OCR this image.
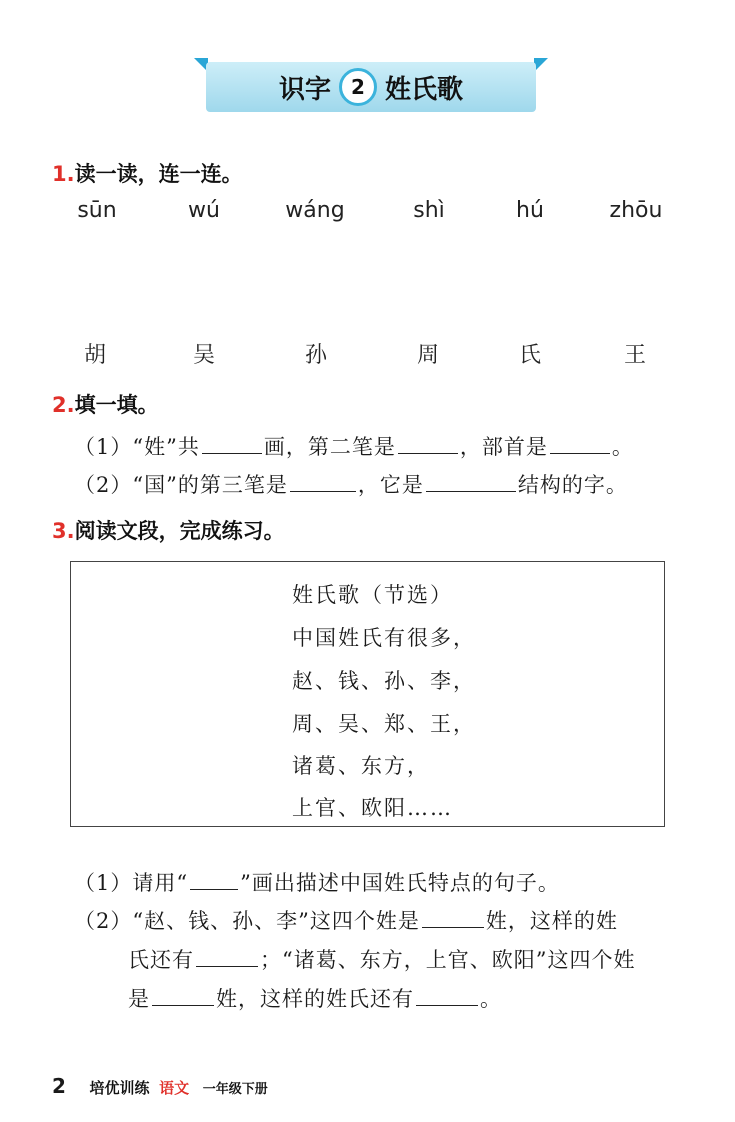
识字	2 姓氏歌
1.读一读，连一连。
sūn	wú	wáng	shì	hú	zhōu
胡	吴	孙	周	氏	王
2.填一填。
（1）“姓”共	画，第二笔是	，部首是	。
（2）“国”的第三笔是	，它是	结构的字。
3.阅读文段，完成练习。
姓氏歌（节选）
中国姓氏有很多，
赵、钱、孙、李，
周、吴、郑、王，
诸葛、东方，
上官、欧阳……
（1）请用“ ”画出描述中国姓氏特点的句子。
（2）“赵、钱、孙、李”这四个姓是	姓，这样的姓
氏还有	；“诸葛、东方，上官、欧阳”这四个姓
是	姓，这样的姓氏还有	。
2 培优训练 语文 一年级下册
